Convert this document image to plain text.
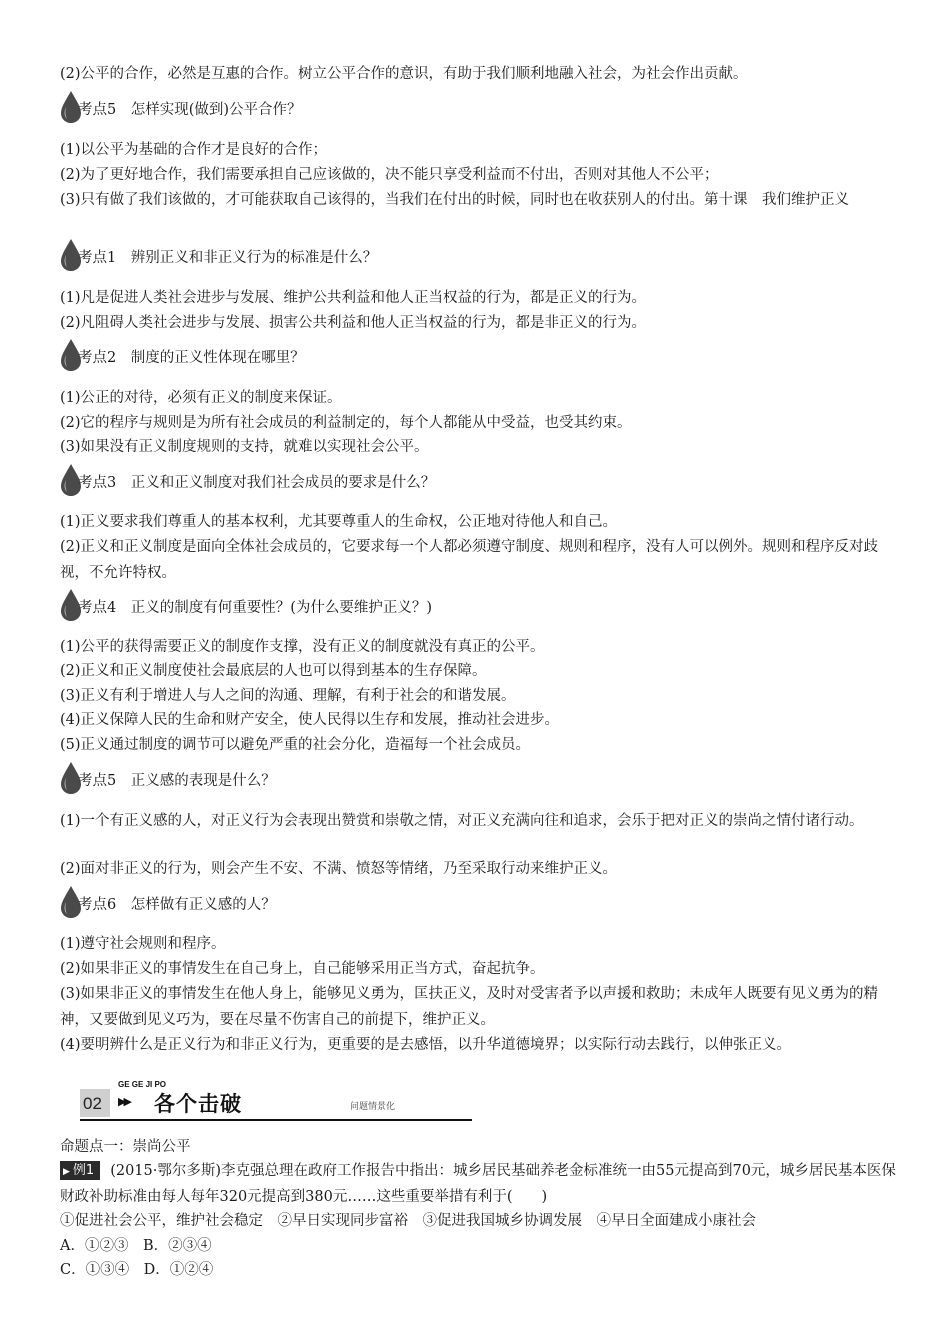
(2)公平的合作，必然是互惠的合作。树立公平合作的意识，有助于我们顺利地融入社会，为社会作出贡献。
考点5　怎样实现(做到)公平合作？
(1)以公平为基础的合作才是良好的合作；
(2)为了更好地合作，我们需要承担自己应该做的，决不能只享受利益而不付出，否则对其他人不公平；
(3)只有做了我们该做的，才可能获取自己该得的，当我们在付出的时候，同时也在收获别人的付出。第十课　我们维护正义
考点1　辨别正义和非正义行为的标准是什么？
(1)凡是促进人类社会进步与发展、维护公共利益和他人正当权益的行为，都是正义的行为。
(2)凡阻碍人类社会进步与发展、损害公共利益和他人正当权益的行为，都是非正义的行为。
考点2　制度的正义性体现在哪里？
(1)公正的对待，必须有正义的制度来保证。
(2)它的程序与规则是为所有社会成员的利益制定的，每个人都能从中受益，也受其约束。
(3)如果没有正义制度规则的支持，就难以实现社会公平。
考点3　正义和正义制度对我们社会成员的要求是什么？
(1)正义要求我们尊重人的基本权利，尤其要尊重人的生命权，公正地对待他人和自己。
(2)正义和正义制度是面向全体社会成员的，它要求每一个人都必须遵守制度、规则和程序，没有人可以例外。规则和程序反对歧视，不允许特权。
考点4　正义的制度有何重要性？(为什么要维护正义？)
(1)公平的获得需要正义的制度作支撑，没有正义的制度就没有真正的公平。
(2)正义和正义制度使社会最底层的人也可以得到基本的生存保障。
(3)正义有利于增进人与人之间的沟通、理解，有利于社会的和谐发展。
(4)正义保障人民的生命和财产安全，使人民得以生存和发展，推动社会进步。
(5)正义通过制度的调节可以避免严重的社会分化，造福每一个社会成员。
考点5　正义感的表现是什么？
(1)一个有正义感的人，对正义行为会表现出赞赏和崇敬之情，对正义充满向往和追求，会乐于把对正义的崇尚之情付诸行动。
(2)面对非正义的行为，则会产生不安、不满、愤怒等情绪，乃至采取行动来维护正义。
考点6　怎样做有正义感的人？
(1)遵守社会规则和程序。
(2)如果非正义的事情发生在自己身上，自己能够采用正当方式，奋起抗争。
(3)如果非正义的事情发生在他人身上，能够见义勇为，匡扶正义，及时对受害者予以声援和救助；未成年人既要有见义勇为的精神，又要做到见义巧为，要在尽量不伤害自己的前提下，维护正义。
(4)要明辨什么是正义行为和非正义行为，更重要的是去感悟，以升华道德境界；以实际行动去践行，以伸张正义。
02
GE GE JI PO
▶▶ 各个击破	问题情景化
命题点一：崇尚公平
▶ 例1 (2015·鄂尔多斯)李克强总理在政府工作报告中指出：城乡居民基础养老金标准统一由55元提高到70元，城乡居民基本医保财政补助标准由每人每年320元提高到380元……这些重要举措有利于(　　)
①促进社会公平，维护社会稳定　②早日实现同步富裕　③促进我国城乡协调发展　④早日全面建成小康社会
A．①②③　B．②③④
C．①③④　D．①②④
